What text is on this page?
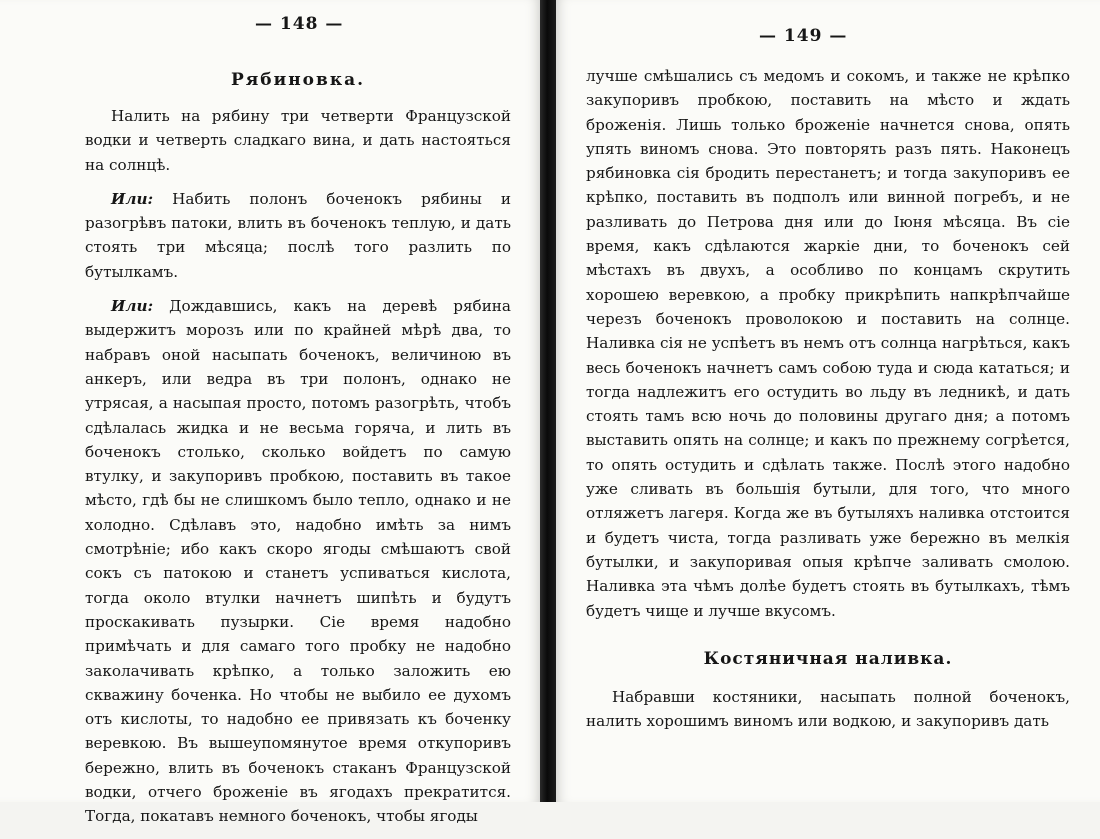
— 148 —
Рябиновка.

Налить на рябину три четверти Французской водки и четверть сладкаго вина, и дать настояться на солнцѣ.

Или: Набить полонъ боченокъ рябины и разогрѣвъ патоки, влить въ боченокъ теплую, и дать стоять три мѣсяца; послѣ того разлить по бутылкамъ.

Или: Дождавшись, какъ на деревѣ рябина выдержитъ морозъ или по крайней мѣрѣ два, то набравъ оной насыпать боченокъ, величиною въ анкеръ, или ведра въ три полонъ, однако не утрясая, а насыпая просто, потомъ разогрѣть, чтобъ сдѣлалась жидка и не весьма горяча, и лить въ боченокъ столько, сколько войдетъ по самую втулку, и закупоривъ пробкою, поставить въ такое мѣсто, гдѣ бы не слишкомъ было тепло, однако и не холодно. Сдѣлавъ это, надобно имѣть за нимъ смотрѣніе; ибо какъ скоро ягоды смѣшаютъ свой сокъ съ патокою и станетъ успиваться кислота, тогда около втулки начнетъ шипѣть и будутъ проскакивать пузырки. Сіе время надобно примѣчать и для самаго того пробку не надобно заколачивать крѣпко, а только заложить ею скважину боченка. Но чтобы не выбило ее духомъ отъ кислоты, то надобно ее привязать къ боченку веревкою. Въ вышеупомянутое время откупоривъ бережно, влить въ боченокъ стаканъ Французской водки, отчего броженіе въ ягодахъ прекратится. Тогда, покатавъ немного боченокъ, чтобы ягоды

— 149 —

лучше смѣшались съ медомъ и сокомъ, и также не крѣпко закупоривъ пробкою, поставить на мѣсто и ждать броженія. Лишь только броженіе начнется снова, опять упять виномъ снова. Это повторять разъ пять. Наконецъ рябиновка сія бродить перестанетъ; и тогда закупоривъ ее крѣпко, поставить въ подполъ или винной погребъ, и не разливать до Петрова дня или до Іюня мѣсяца. Въ сіе время, какъ сдѣлаются жаркіе дни, то боченокъ сей мѣстахъ въ двухъ, а особливо по концамъ скрутить хорошею веревкою, а пробку прикрѣпить напкрѣпчайше черезъ боченокъ проволокою и поставить на солнце. Наливка сія не успѣетъ въ немъ отъ солнца нагрѣться, какъ весь боченокъ начнетъ самъ собою туда и сюда кататься; и тогда надлежитъ его остудить во льду въ ледникѣ, и дать стоять тамъ всю ночь до половины другаго дня; а потомъ выставить опять на солнце; и какъ по прежнему согрѣется, то опять остудить и сдѣлать также. Послѣ этого надобно уже сливать въ большія бутыли, для того, что много отляжетъ лагеря. Когда же въ бутыляхъ наливка отстоится и будетъ чиста, тогда разливать уже бережно въ мелкія бутылки, и закупоривая опыя крѣпче заливать смолою. Наливка эта чѣмъ долѣе будетъ стоять въ бутылкахъ, тѣмъ будетъ чище и лучше вкусомъ.

Костяничная наливка.

Набравши костяники, насыпать полной боченокъ, налить хорошимъ виномъ или водкою, и закупоривъ дать
